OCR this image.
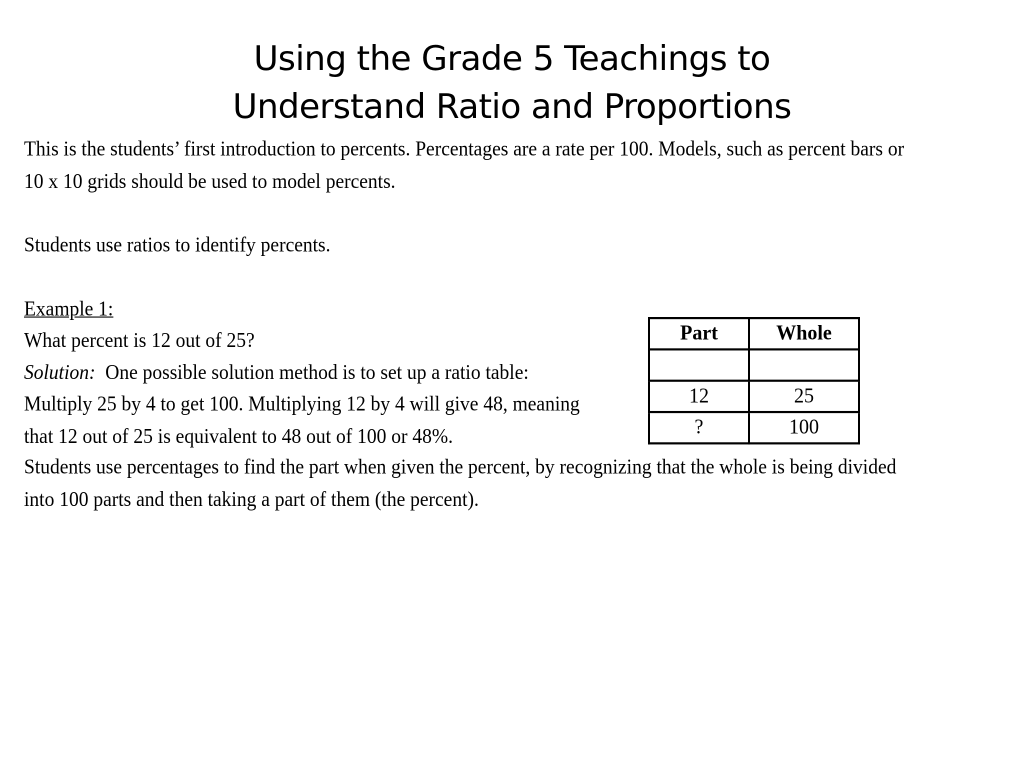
Using the Grade 5 Teachings to
Understand Ratio and Proportions

This is the students’ first introduction to percents. Percentages are a rate per 100. Models, such as percent bars or
10 x 10 grids should be used to model percents.

Students use ratios to identify percents.

Example 1:
What percent is 12 out of 25?
Solution:  One possible solution method is to set up a ratio table:
Multiply 25 by 4 to get 100. Multiplying 12 by 4 will give 48, meaning
that 12 out of 25 is equivalent to 48 out of 100 or 48%.
Part	Whole

12	25
?	100

Students use percentages to find the part when given the percent, by recognizing that the whole is being divided
into 100 parts and then taking a part of them (the percent).
